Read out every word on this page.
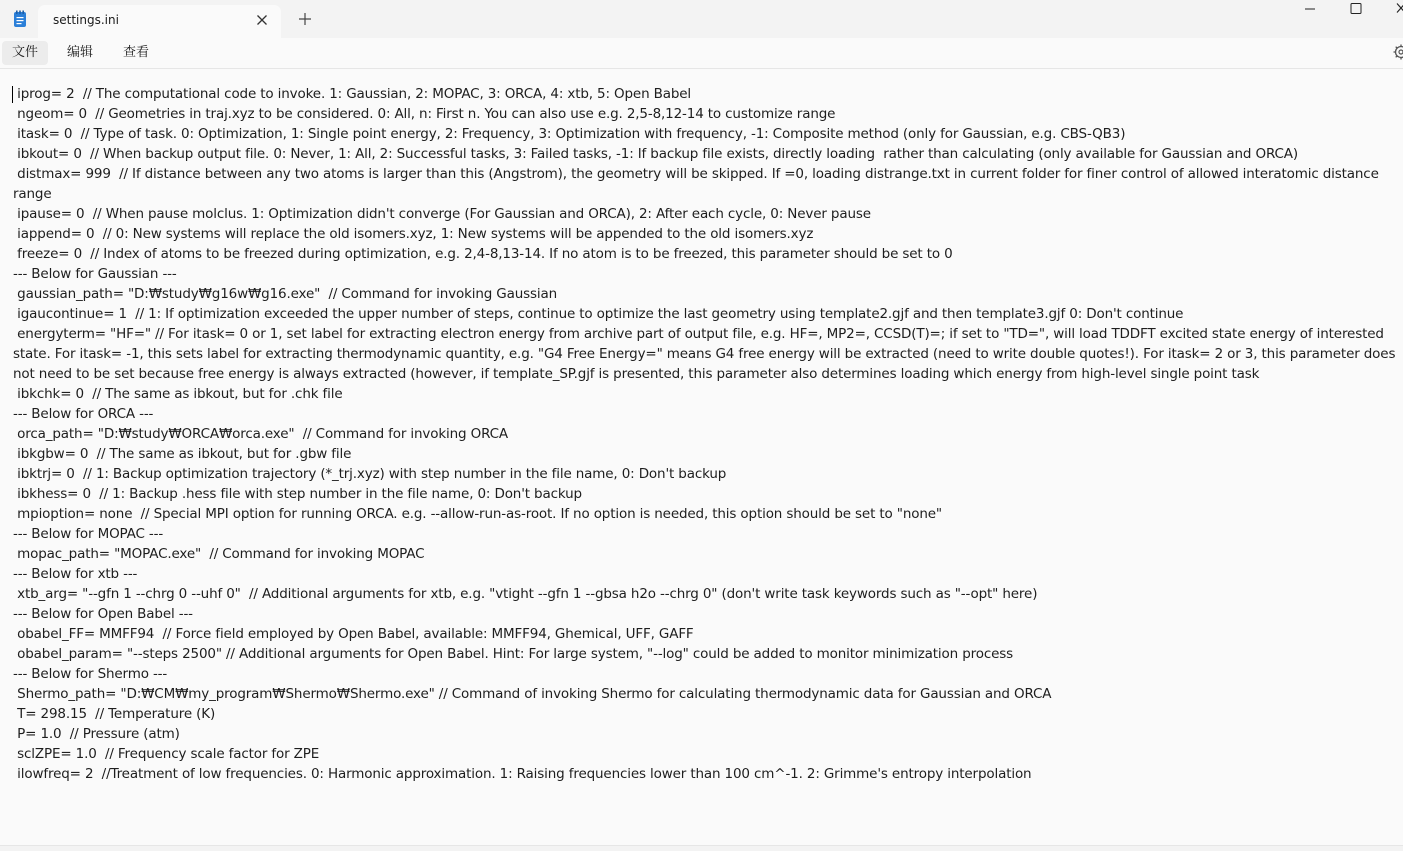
settings.ini
文件	编辑	查看
iprog= 2  // The computational code to invoke. 1: Gaussian, 2: MOPAC, 3: ORCA, 4: xtb, 5: Open Babel
ngeom= 0  // Geometries in traj.xyz to be considered. 0: All, n: First n. You can also use e.g. 2,5-8,12-14 to customize range
itask= 0  // Type of task. 0: Optimization, 1: Single point energy, 2: Frequency, 3: Optimization with frequency, -1: Composite method (only for Gaussian, e.g. CBS-QB3)
ibkout= 0  // When backup output file. 0: Never, 1: All, 2: Successful tasks, 3: Failed tasks, -1: If backup file exists, directly loading  rather than calculating (only available for Gaussian and ORCA)
distmax= 999  // If distance between any two atoms is larger than this (Angstrom), the geometry will be skipped. If =0, loading distrange.txt in current folder for finer control of allowed interatomic distance range
ipause= 0  // When pause molclus. 1: Optimization didn't converge (For Gaussian and ORCA), 2: After each cycle, 0: Never pause
iappend= 0  // 0: New systems will replace the old isomers.xyz, 1: New systems will be appended to the old isomers.xyz
freeze= 0  // Index of atoms to be freezed during optimization, e.g. 2,4-8,13-14. If no atom is to be freezed, this parameter should be set to 0
--- Below for Gaussian ---
gaussian_path= "D:₩study₩g16w₩g16.exe"  // Command for invoking Gaussian
igaucontinue= 1  // 1: If optimization exceeded the upper number of steps, continue to optimize the last geometry using template2.gjf and then template3.gjf 0: Don't continue
energyterm= "HF=" // For itask= 0 or 1, set label for extracting electron energy from archive part of output file, e.g. HF=, MP2=, CCSD(T)=; if set to "TD=", will load TDDFT excited state energy of interested state. For itask= -1, this sets label for extracting thermodynamic quantity, e.g. "G4 Free Energy=" means G4 free energy will be extracted (need to write double quotes!). For itask= 2 or 3, this parameter does not need to be set because free energy is always extracted (however, if template_SP.gjf is presented, this parameter also determines loading which energy from high-level single point task
ibkchk= 0  // The same as ibkout, but for .chk file
--- Below for ORCA ---
orca_path= "D:₩study₩ORCA₩orca.exe"  // Command for invoking ORCA
ibkgbw= 0  // The same as ibkout, but for .gbw file
ibktrj= 0  // 1: Backup optimization trajectory (*_trj.xyz) with step number in the file name, 0: Don't backup
ibkhess= 0  // 1: Backup .hess file with step number in the file name, 0: Don't backup
mpioption= none  // Special MPI option for running ORCA. e.g. --allow-run-as-root. If no option is needed, this option should be set to "none"
--- Below for MOPAC ---
mopac_path= "MOPAC.exe"  // Command for invoking MOPAC
--- Below for xtb ---
xtb_arg= "--gfn 1 --chrg 0 --uhf 0"  // Additional arguments for xtb, e.g. "vtight --gfn 1 --gbsa h2o --chrg 0" (don't write task keywords such as "--opt" here)
--- Below for Open Babel ---
obabel_FF= MMFF94  // Force field employed by Open Babel, available: MMFF94, Ghemical, UFF, GAFF
obabel_param= "--steps 2500" // Additional arguments for Open Babel. Hint: For large system, "--log" could be added to monitor minimization process
--- Below for Shermo ---
Shermo_path= "D:₩CM₩my_program₩Shermo₩Shermo.exe" // Command of invoking Shermo for calculating thermodynamic data for Gaussian and ORCA
T= 298.15  // Temperature (K)
P= 1.0  // Pressure (atm)
sclZPE= 1.0  // Frequency scale factor for ZPE
ilowfreq= 2  //Treatment of low frequencies. 0: Harmonic approximation. 1: Raising frequencies lower than 100 cm^-1. 2: Grimme's entropy interpolation
